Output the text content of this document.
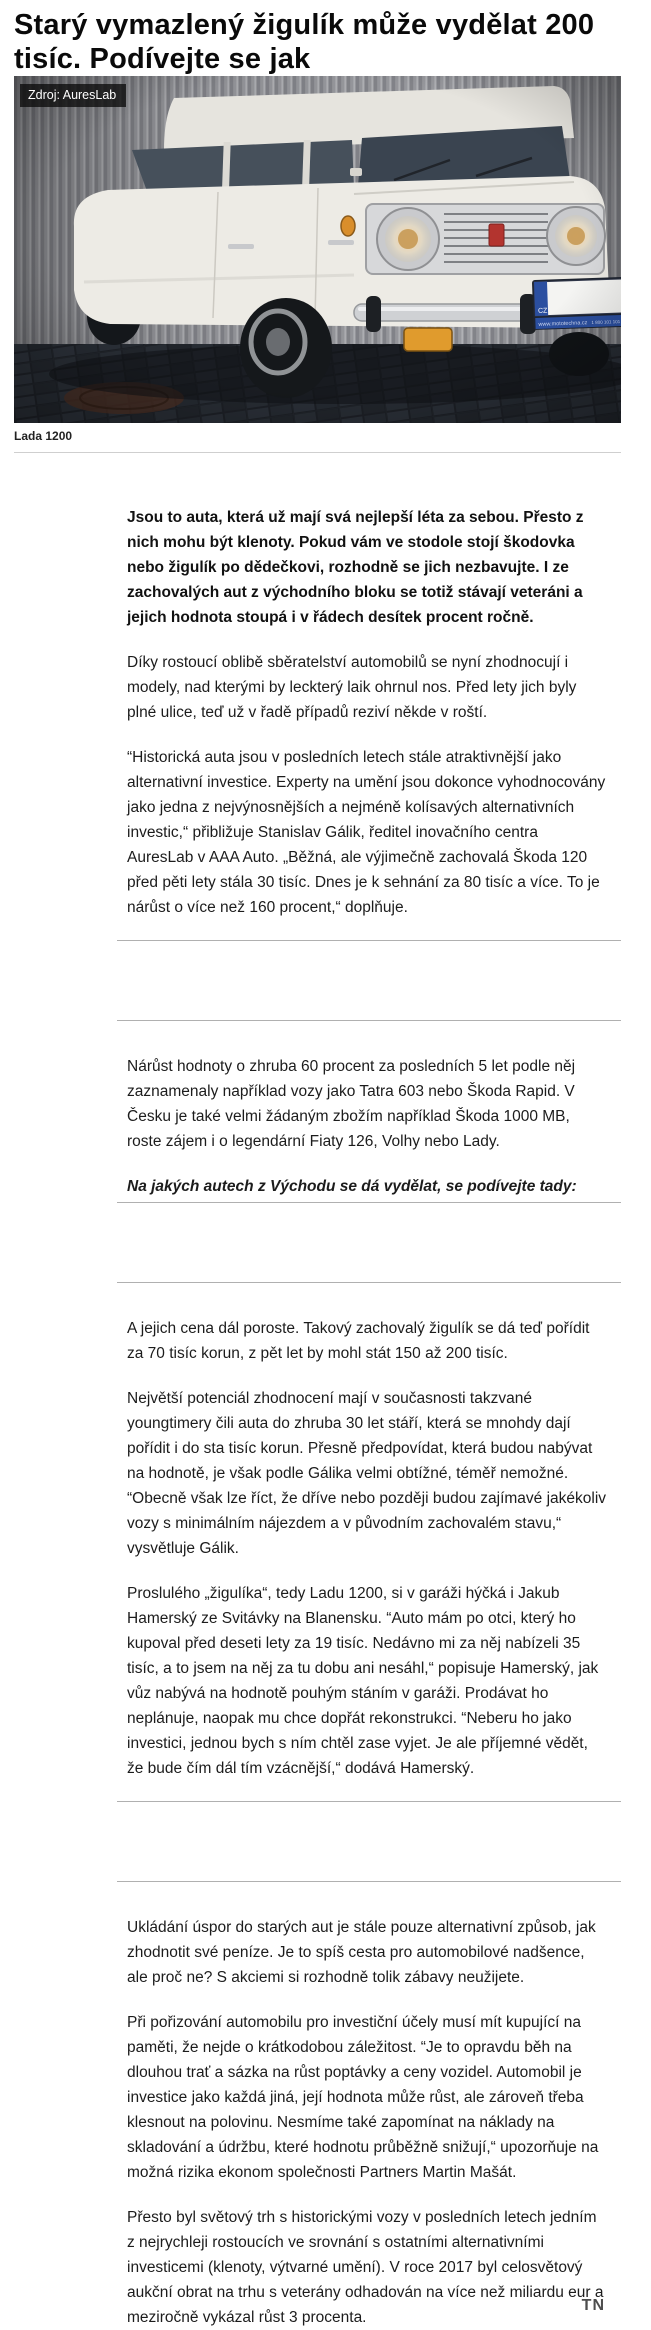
Starý vymazlený žigulík může vydělat 200 tisíc. Podívejte se jak
Zdroj: AuresLab
Lada 1200

Jsou to auta, která už mají svá nejlepší léta za sebou. Přesto z nich mohu být klenoty. Pokud vám ve stodole stojí škodovka nebo žigulík po dědečkovi, rozhodně se jich nezbavujte. I ze zachovalých aut z východního bloku se totiž stávají veteráni a jejich hodnota stoupá i v řádech desítek procent ročně.

Díky rostoucí oblibě sběratelství automobilů se nyní zhodnocují i modely, nad kterými by leckterý laik ohrnul nos. Před lety jich byly plné ulice, teď už v řadě případů reziví někde v roští.

“Historická auta jsou v posledních letech stále atraktivnější jako alternativní investice. Experty na umění jsou dokonce vyhodnocovány jako jedna z nejvýnosnějších a nejméně kolísavých alternativních investic,“ přibližuje Stanislav Gálik, ředitel inovačního centra AuresLab v AAA Auto. „Běžná, ale výjimečně zachovalá Škoda 120 před pěti lety stála 30 tisíc. Dnes je k sehnání za 80 tisíc a více. To je nárůst o více než 160 procent,“ doplňuje.

Nárůst hodnoty o zhruba 60 procent za posledních 5 let podle něj zaznamenaly například vozy jako Tatra 603 nebo Škoda Rapid. V Česku je také velmi žádaným zbožím například Škoda 1000 MB, roste zájem i o legendární Fiaty 126, Volhy nebo Lady.

Na jakých autech z Východu se dá vydělat, se podívejte tady:

A jejich cena dál poroste. Takový zachovalý žigulík se dá teď pořídit za 70 tisíc korun, z pět let by mohl stát 150 až 200 tisíc.

Největší potenciál zhodnocení mají v současnosti takzvané youngtimery čili auta do zhruba 30 let stáří, která se mnohdy dají pořídit i do sta tisíc korun. Přesně předpovídat, která budou nabývat na hodnotě, je však podle Gálika velmi obtížné, téměř nemožné. “Obecně však lze říct, že dříve nebo později budou zajímavé jakékoliv vozy s minimálním nájezdem a v původním zachovalém stavu,“ vysvětluje Gálik.

Proslulého „žigulíka“, tedy Ladu 1200, si v garáži hýčká i Jakub Hamerský ze Svitávky na Blanensku. “Auto mám po otci, který ho kupoval před deseti lety za 19 tisíc. Nedávno mi za něj nabízeli 35 tisíc, a to jsem na něj za tu dobu ani nesáhl,“ popisuje Hamerský, jak vůz nabývá na hodnotě pouhým stáním v garáži. Prodávat ho neplánuje, naopak mu chce dopřát rekonstrukci. “Neberu ho jako investici, jednou bych s ním chtěl zase vyjet. Je ale příjemné vědět, že bude čím dál tím vzácnější,“ dodává Hamerský.

Ukládání úspor do starých aut je stále pouze alternativní způsob, jak zhodnotit své peníze. Je to spíš cesta pro automobilové nadšence, ale proč ne? S akciemi si rozhodně tolik zábavy neužijete.

Při pořizování automobilu pro investiční účely musí mít kupující na paměti, že nejde o krátkodobou záležitost. “Je to opravdu běh na dlouhou trať a sázka na růst poptávky a ceny vozidel. Automobil je investice jako každá jiná, její hodnota může růst, ale zároveň třeba klesnout na polovinu. Nesmíme také zapomínat na náklady na skladování a údržbu, které hodnotu průběžně snižují,“ upozorňuje na možná rizika ekonom společnosti Partners Martin Mašát.

Přesto byl světový trh s historickými vozy v posledních letech jedním z nejrychleji rostoucích ve srovnání s ostatními alternativními investicemi (klenoty, výtvarné umění). V roce 2017 byl celosvětový aukční obrat na trhu s veterány odhadován na více než miliardu eur a meziročně vykázal růst 3 procenta.

TN
